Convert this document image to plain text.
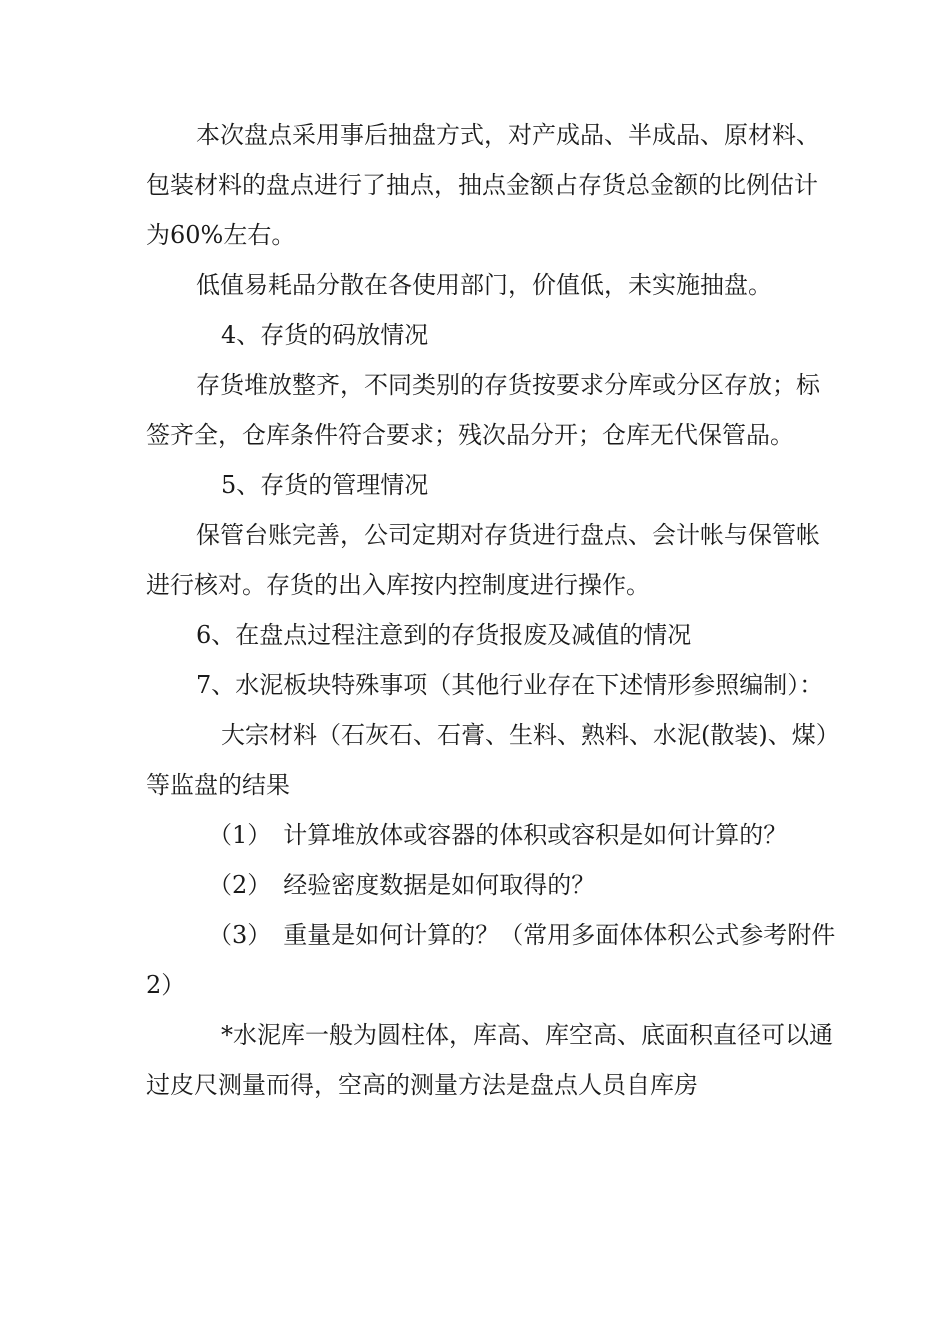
本次盘点采用事后抽盘方式，对产成品、半成品、原材料、包装材料的盘点进行了抽点，抽点金额占存货总金额的比例估计为60%左右。

低值易耗品分散在各使用部门，价值低，未实施抽盘。

4、存货的码放情况

存货堆放整齐，不同类别的存货按要求分库或分区存放；标签齐全，仓库条件符合要求；残次品分开；仓库无代保管品。

5、存货的管理情况

保管台账完善，公司定期对存货进行盘点、会计帐与保管帐进行核对。存货的出入库按内控制度进行操作。

6、在盘点过程注意到的存货报废及减值的情况

7、水泥板块特殊事项（其他行业存在下述情形参照编制）：

大宗材料（石灰石、石膏、生料、熟料、水泥(散装)、煤）等监盘的结果

（1）　计算堆放体或容器的体积或容积是如何计算的？

（2）　经验密度数据是如何取得的？

（3）　重量是如何计算的？（常用多面体体积公式参考附件2）

*水泥库一般为圆柱体，库高、库空高、底面积直径可以通过皮尺测量而得，空高的测量方法是盘点人员自库房
